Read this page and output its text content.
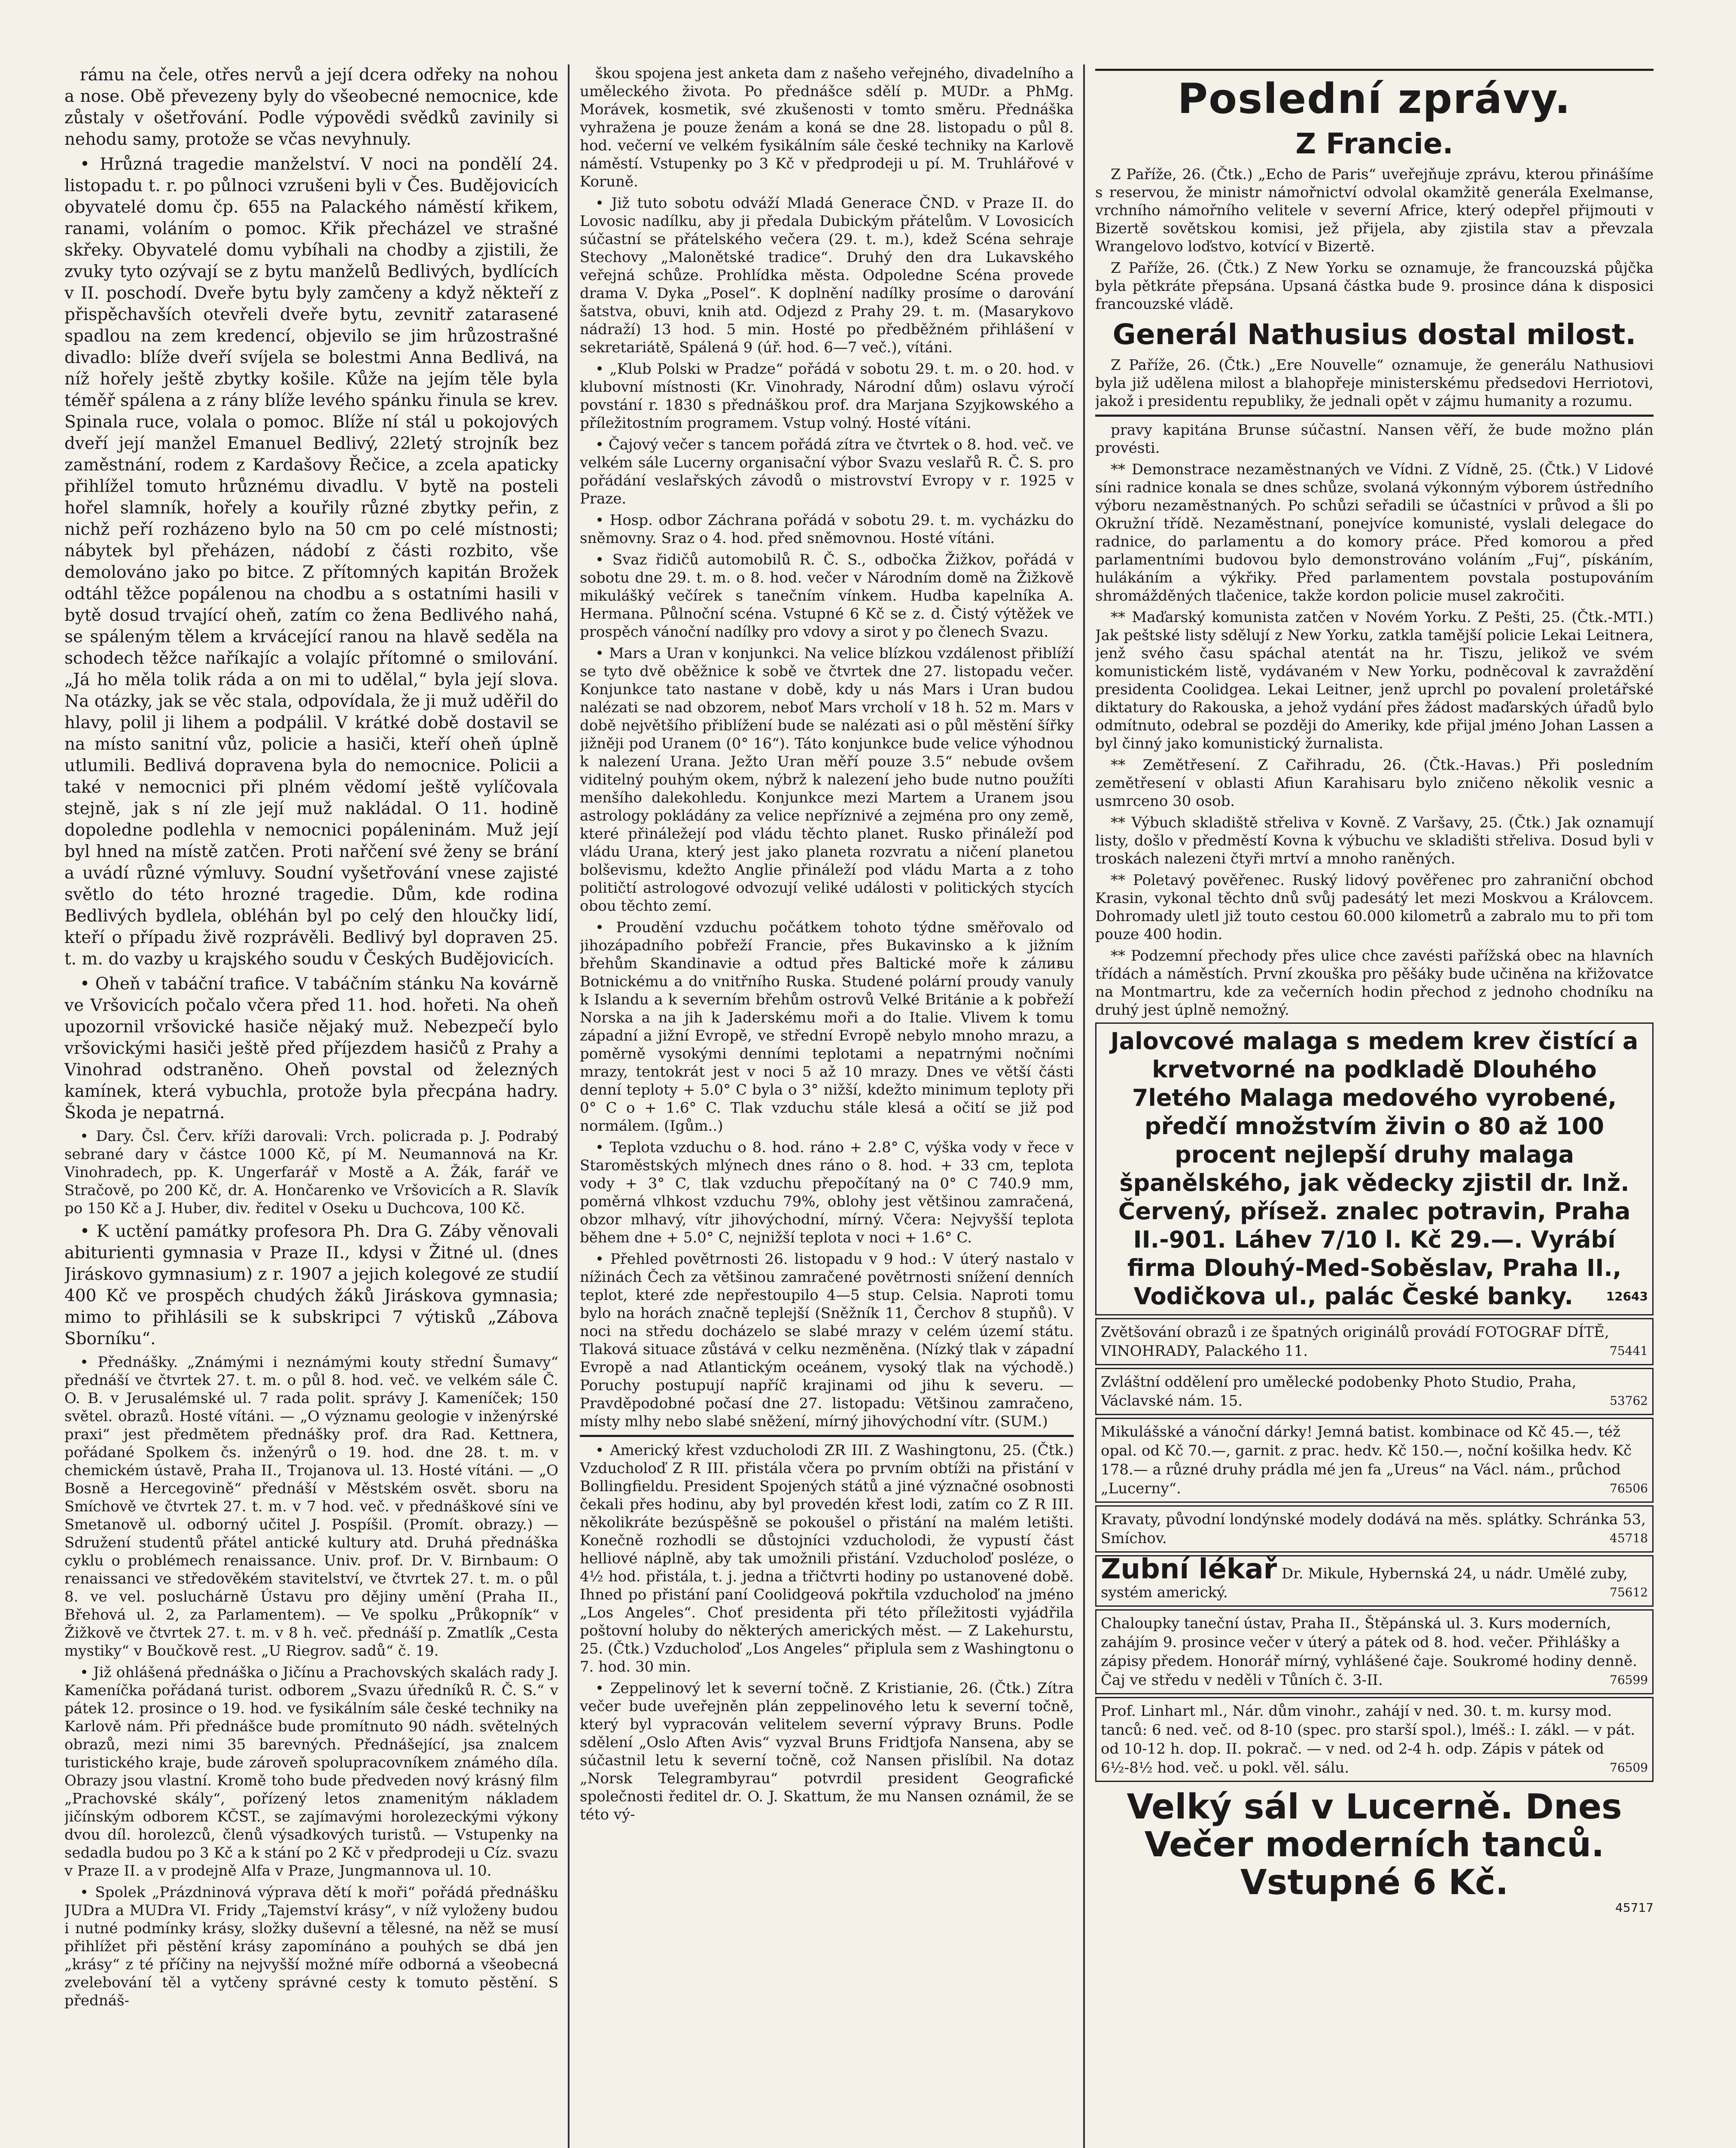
rámu na čele, otřes nervů a její dcera odřeky na nohou a nose. Obě převezeny byly do všeobecné nemocnice, kde zůstaly v ošetřování. Podle výpovědi svědků zavinily si nehodu samy, protože se včas nevyhnuly.

• Hrůzná tragedie manželství. V noci na pondělí 24. listopadu t. r. po půlnoci vzrušeni byli v Čes. Budějovicích obyvatelé domu čp. 655 na Palackého náměstí křikem, ranami, voláním o pomoc. Křik přecházel ve strašné skřeky. Obyvatelé domu vybíhali na chodby a zjistili, že zvuky tyto ozývají se z bytu manželů Bedlivých, bydlících v II. poschodí. Dveře bytu byly zamčeny a když někteří z přispěchavších otevřeli dveře bytu, zevnitř zatarasené spadlou na zem kredencí, objevilo se jim hrůzostrašné divadlo: blíže dveří svíjela se bolestmi Anna Bedlivá, na níž hořely ještě zbytky košile. Kůže na jejím těle byla téměř spálena a z rány blíže levého spánku řinula se krev. Spinala ruce, volala o pomoc. Blíže ní stál u pokojových dveří její manžel Emanuel Bedlivý, 22letý strojník bez zaměstnání, rodem z Kardašovy Řečice, a zcela apaticky přihlížel tomuto hrůznému divadlu. V bytě na posteli hořel slamník, hořely a kouřily různé zbytky peřin, z nichž peří rozházeno bylo na 50 cm po celé místnosti; nábytek byl přeházen, nádobí z části rozbito, vše demolováno jako po bitce. Z přítomných kapitán Brožek odtáhl těžce popálenou na chodbu a s ostatními hasili v bytě dosud trvající oheň, zatím co žena Bedlivého nahá, se spáleným tělem a krvácející ranou na hlavě seděla na schodech těžce naříkajíc a volajíc přítomné o smilování. „Já ho měla tolik ráda a on mi to udělal,“ byla její slova. Na otázky, jak se věc stala, odpovídala, že ji muž uděřil do hlavy, polil ji lihem a podpálil. V krátké době dostavil se na místo sanitní vůz, policie a hasiči, kteří oheň úplně utlumili. Bedlivá dopravena byla do nemocnice. Policii a také v nemocnici při plném vědomí ještě vylíčovala stejně, jak s ní zle její muž nakládal. O 11. hodině dopoledne podlehla v nemocnici popáleninám. Muž její byl hned na místě zatčen. Proti nařčení své ženy se brání a uvádí různé výmluvy. Soudní vyšetřování vnese zajisté světlo do této hrozné tragedie. Dům, kde rodina Bedlivých bydlela, obléhán byl po celý den hloučky lidí, kteří o případu živě rozprávěli. Bedlivý byl dopraven 25. t. m. do vazby u krajského soudu v Českých Budějovicích.

• Oheň v tabáční trafice. V tabáčním stánku Na kovárně ve Vršovicích počalo včera před 11. hod. hořeti. Na oheň upozornil vršovické hasiče nějaký muž. Nebezpečí bylo vršovickými hasiči ještě před příjezdem hasičů z Prahy a Vinohrad odstraněno. Oheň povstal od železných kamínek, která vybuchla, protože byla přecpána hadry. Škoda je nepatrná.

• Dary. Čsl. Červ. kříži darovali: Vrch. policrada p. J. Podrabý sebrané dary v částce 1000 Kč, pí M. Neumannová na Kr. Vinohradech, pp. K. Ungerfarář v Mostě a A. Žák, farář ve Stračově, po 200 Kč, dr. A. Hončarenko ve Vršovicích a R. Slavík po 150 Kč a J. Huber, div. ředitel v Oseku u Duchcova, 100 Kč.

• K uctění památky profesora Ph. Dra G. Záby věnovali abiturienti gymnasia v Praze II., kdysi v Žitné ul. (dnes Jiráskovo gymnasium) z r. 1907 a jejich kolegové ze studií 400 Kč ve prospěch chudých žáků Jiráskova gymnasia; mimo to přihlásili se k subskripci 7 výtisků „Zábova Sborníku“.

• Přednášky. „Známými i neznámými kouty střední Šumavy“ přednáší ve čtvrtek 27. t. m. o půl 8. hod. več. ve velkém sále Č. O. B. v Jerusalémské ul. 7 rada polit. správy J. Kameníček; 150 světel. obrazů. Hosté vítáni. — „O významu geologie v inženýrské praxi“ jest předmětem přednášky prof. dra Rad. Kettnera, pořádané Spolkem čs. inženýrů o 19. hod. dne 28. t. m. v chemickém ústavě, Praha II., Trojanova ul. 13. Hosté vítáni. — „O Bosně a Hercegovině“ přednáší v Městském osvět. sboru na Smíchově ve čtvrtek 27. t. m. v 7 hod. več. v přednáškové síni ve Smetanově ul. odborný učitel J. Pospíšil. (Promít. obrazy.) — Sdružení studentů přátel antické kultury atd. Druhá přednáška cyklu o problémech renaissance. Univ. prof. Dr. V. Birnbaum: O renaissanci ve středověkém stavitelství, ve čtvrtek 27. t. m. o půl 8. ve vel. posluchárně Ústavu pro dějiny umění (Praha II., Břehová ul. 2, za Parlamentem). — Ve spolku „Průkopník“ v Žižkově ve čtvrtek 27. t. m. v 8 h. več. přednáší p. Zmatlík „Cesta mystiky“ v Boučkově rest. „U Riegrov. sadů“ č. 19.

• Již ohlášená přednáška o Jičínu a Prachovských skalách rady J. Kameníčka pořádaná turist. odborem „Svazu úředníků R. Č. S.“ v pátek 12. prosince o 19. hod. ve fysikálním sále české techniky na Karlově nám. Při přednášce bude promítnuto 90 nádh. světelných obrazů, mezi nimi 35 barevných. Přednášející, jsa znalcem turistického kraje, bude zároveň spolupracovníkem známého díla. Obrazy jsou vlastní. Kromě toho bude předveden nový krásný film „Prachovské skály“, pořízený letos znamenitým nákladem jičínským odborem KČST., se zajímavými horolezeckými výkony dvou díl. horolezců, členů výsadkových turistů. — Vstupenky na sedadla budou po 3 Kč a k stání po 2 Kč v předprodeji u Cíz. svazu v Praze II. a v prodejně Alfa v Praze, Jungmannova ul. 10.

• Spolek „Prázdninová výprava dětí k moři“ pořádá přednášku JUDra a MUDra VI. Fridy „Tajemství krásy“, v níž vyloženy budou i nutné podmínky krásy, složky duševní a tělesné, na něž se musí přihlížet při pěstění krásy zapomínáno a pouhých se dbá jen „krásy“ z té příčiny na nejvyšší možné míře odborná a všeobecná zvelebování těl a vytčeny správné cesty k tomuto pěstění. S přednáš-

škou spojena jest anketa dam z našeho veřejného, divadelního a uměleckého života. Po přednášce sdělí p. MUDr. a PhMg. Morávek, kosmetik, své zkušenosti v tomto směru. Přednáška vyhražena je pouze ženám a koná se dne 28. listopadu o půl 8. hod. večerní ve velkém fysikálním sále české techniky na Karlově náměstí. Vstupenky po 3 Kč v předprodeji u pí. M. Truhlářové v Koruně.

• Již tuto sobotu odváží Mladá Generace ČND. v Praze II. do Lovosic nadílku, aby ji předala Dubickým přátelům. V Lovosicích súčastní se přátelského večera (29. t. m.), kdež Scéna sehraje Stechovy „Malonětské tradice“. Druhý den dra Lukavského veřejná schůze. Prohlídka města. Odpoledne Scéna provede drama V. Dyka „Posel“. K doplnění nadílky prosíme o darování šatstva, obuvi, knih atd. Odjezd z Prahy 29. t. m. (Masarykovo nádraží) 13 hod. 5 min. Hosté po předběžném přihlášení v sekretariátě, Spálená 9 (úř. hod. 6—7 več.), vítáni.

• „Klub Polski w Pradze“ pořádá v sobotu 29. t. m. o 20. hod. v klubovní místnosti (Kr. Vinohrady, Národní dům) oslavu výročí povstání r. 1830 s přednáškou prof. dra Marjana Szyjkowského a příležitostním programem. Vstup volný. Hosté vítáni.

• Čajový večer s tancem pořádá zítra ve čtvrtek o 8. hod. več. ve velkém sále Lucerny organisační výbor Svazu veslařů R. Č. S. pro pořádání veslařských závodů o mistrovství Evropy v r. 1925 v Praze.

• Hosp. odbor Záchrana pořádá v sobotu 29. t. m. vycházku do sněmovny. Sraz o 4. hod. před sněmovnou. Hosté vítáni.

• Svaz řidičů automobilů R. Č. S., odbočka Žižkov, pořádá v sobotu dne 29. t. m. o 8. hod. večer v Národním domě na Žižkově mikulášký večírek s tanečním vínkem. Hudba kapelníka A. Hermana. Půlnoční scéna. Vstupné 6 Kč se z. d. Čistý výtěžek ve prospěch vánoční nadílky pro vdovy a sirot y po členech Svazu.

• Mars a Uran v konjunkci. Na velice blízkou vzdálenost přiblíží se tyto dvě oběžnice k sobě ve čtvrtek dne 27. listopadu večer. Konjunkce tato nastane v době, kdy u nás Mars i Uran budou nalézati se nad obzorem, neboť Mars vrcholí v 18 h. 52 m. Mars v době největšího přiblížení bude se nalézati asi o půl městění šířky jižněji pod Uranem (0° 16“). Táto konjunkce bude velice výhodnou k nalezení Urana. Ježto Uran měří pouze 3.5“ nebude ovšem viditelný pouhým okem, nýbrž k nalezení jeho bude nutno použíti menšího dalekohledu. Konjunkce mezi Martem a Uranem jsou astrology pokládány za velice nepříznivé a zejména pro ony země, které přináležejí pod vládu těchto planet. Rusko přináleží pod vládu Urana, který jest jako planeta rozvratu a ničení planetou bolševismu, kdežto Anglie přináleží pod vládu Marta a z toho političtí astrologové odvozují veliké události v politických stycích obou těchto zemí.

• Proudění vzduchu počátkem tohoto týdne směřovalo od jihozápadního pobřeží Francie, přes Bukavinsko a k jižním břehům Skandinavie a odtud přes Baltické moře k záливu Botnickému a do vnitřního Ruska. Studené polární proudy vanuly k Islandu a k severním břehům ostrovů Velké Británie a k pobřeží Norska a na jih k Jaderskému moři a do Italie. Vlivem k tomu západní a jižní Evropě, ve střední Evropě nebylo mnoho mrazu, a poměrně vysokými denními teplotami a nepatrnými nočními mrazy, tentokrát jest v noci 5 až 10 mrazy. Dnes ve větší části denní teploty + 5.0° C byla o 3° nižší, kdežto minimum teploty při 0° C o + 1.6° C. Tlak vzduchu stále klesá a očití se již pod normálem. (Igům..)

• Teplota vzduchu o 8. hod. ráno + 2.8° C, výška vody v řece v Staroměstských mlýnech dnes ráno o 8. hod. + 33 cm, teplota vody + 3° C, tlak vzduchu přepočítaný na 0° C 740.9 mm, poměrná vlhkost vzduchu 79%, oblohy jest většinou zamračená, obzor mlhavý, vítr jihovýchodní, mírný. Včera: Nejvyšší teplota během dne + 5.0° C, nejnižší teplota v noci + 1.6° C.

• Přehled povětrnosti 26. listopadu v 9 hod.: V úterý nastalo v nížinách Čech za většinou zamračené povětrnosti snížení denních teplot, které zde nepřestoupilo 4—5 stup. Celsia. Naproti tomu bylo na horách značně teplejší (Sněžník 11, Čerchov 8 stupňů). V noci na středu docházelo se slabé mrazy v celém území státu. Tlaková situace zůstává v celku nezměněna. (Nízký tlak v západní Evropě a nad Atlantickým oceánem, vysoký tlak na východě.) Poruchy postupují napříč krajinami od jihu k severu. — Pravděpodobné počasí dne 27. listopadu: Většinou zamračeno, místy mlhy nebo slabé sněžení, mírný jihovýchodní vítr. (SUM.)

• Americký křest vzducholodi ZR III. Z Washingtonu, 25. (Čtk.) Vzducholoď Z R III. přistála včera po prvním obtíži na přistání v Bollingfieldu. President Spojených států a jiné význačné osobnosti čekali přes hodinu, aby byl provedén křest lodi, zatím co Z R III. několikráte bezúspěšně se pokoušel o přistání na malém letišti. Konečně rozhodli se důstojníci vzducholodi, že vypustí část helliové náplně, aby tak umožnili přistání. Vzducholoď posléze, o 4½ hod. přistála, t. j. jedna a třičtvrti hodiny po ustanovené době. Ihned po přistání paní Coolidgeová pokřtila vzducholoď na jméno „Los Angeles“. Choť presidenta při této příležitosti vyjádřila poštovní holuby do některých amerických měst. — Z Lakehurstu, 25. (Čtk.) Vzducholoď „Los Angeles“ připlula sem z Washingtonu o 7. hod. 30 min.

• Zeppelinový let k severní točně. Z Kristianie, 26. (Čtk.) Zítra večer bude uveřejněn plán zeppelinového letu k severní točně, který byl vypracován velitelem severní výpravy Bruns. Podle sdělení „Oslo Aften Avis“ vyzval Bruns Fridtjofa Nansena, aby se súčastnil letu k severní točně, což Nansen přislíbil. Na dotaz „Norsk Telegrambyrau“ potvrdil president Geografické společnosti ředitel dr. O. J. Skattum, že mu Nansen oznámil, že se této vý-

Poslední zprávy.
Z Francie.

Z Paříže, 26. (Čtk.) „Echo de Paris“ uveřejňuje zprávu, kterou přinášíme s reservou, že ministr námořnictví odvolal okamžitě generála Exelmanse, vrchního námořního velitele v severní Africe, který odepřel přijmouti v Bizertě sovětskou komisi, jež přijela, aby zjistila stav a převzala Wrangelovo loďstvo, kotvící v Bizertě.

Z Paříže, 26. (Čtk.) Z New Yorku se oznamuje, že francouzská půjčka byla pětkráte přepsána. Upsaná částka bude 9. prosince dána k disposici francouzské vládě.

Generál Nathusius dostal milost.

Z Paříže, 26. (Čtk.) „Ere Nouvelle“ oznamuje, že generálu Nathusiovi byla již udělena milost a blahopřeje ministerskému předsedovi Herriotovi, jakož i presidentu republiky, že jednali opět v zájmu humanity a rozumu.

pravy kapitána Brunse súčastní. Nansen věří, že bude možno plán provésti.

** Demonstrace nezaměstnaných ve Vídni. Z Vídně, 25. (Čtk.) V Lidové síni radnice konala se dnes schůze, svolaná výkonným výborem ústředního výboru nezaměstnaných. Po schůzi seřadili se účastníci v průvod a šli po Okružní třídě. Nezaměstnaní, ponejvíce komunisté, vyslali delegace do radnice, do parlamentu a do komory práce. Před komorou a před parlamentními budovou bylo demonstrováno voláním „Fuj“, pískáním, hulákáním a výkřiky. Před parlamentem povstala postupováním shromážděných tlačenice, takže kordon policie musel zakročiti.

** Maďarský komunista zatčen v Novém Yorku. Z Pešti, 25. (Čtk.-MTI.) Jak peštské listy sdělují z New Yorku, zatkla tamější policie Lekai Leitnera, jenž svého času spáchal atentát na hr. Tiszu, jelikož ve svém komunistickém listě, vydávaném v New Yorku, podněcoval k zavraždění presidenta Coolidgea. Lekai Leitner, jenž uprchl po povalení proletářské diktatury do Rakouska, a jehož vydání přes žádost maďarských úřadů bylo odmítnuto, odebral se později do Ameriky, kde přijal jméno Johan Lassen a byl činný jako komunistický žurnalista.

** Zemětřesení. Z Cařihradu, 26. (Čtk.-Havas.) Při posledním zemětřesení v oblasti Afiun Karahisaru bylo zničeno několik vesnic a usmrceno 30 osob.

** Výbuch skladiště střeliva v Kovně. Z Varšavy, 25. (Čtk.) Jak oznamují listy, došlo v předměstí Kovna k výbuchu ve skladišti střeliva. Dosud byli v troskách nalezeni čtyři mrtví a mnoho raněných.

** Poletavý pověřenec. Ruský lidový pověřenec pro zahraniční obchod Krasin, vykonal těchto dnů svůj padesátý let mezi Moskvou a Královcem. Dohromady uletl již touto cestou 60.000 kilometrů a zabralo mu to při tom pouze 400 hodin.

** Podzemní přechody přes ulice chce zavésti pařížská obec na hlavních třídách a náměstích. První zkouška pro pěšáky bude učiněna na křižovatce na Montmartru, kde za večerních hodin přechod z jednoho chodníku na druhý jest úplně nemožný.

Jalovcové malaga s medem krev čistící a krvetvorné na podkladě Dlouhého 7letého Malaga medového vyrobené, předčí množstvím živin o 80 až 100 procent nejlepší druhy malaga španělského, jak vědecky zjistil dr. Inž. Červený, přísež. znalec potravin, Praha II.-901. Láhev 7/10 l. Kč 29.—. Vyrábí firma Dlouhý-Med-Soběslav, Praha II., Vodičkova ul., palác České banky.	12643
Zvětšování obrazů i ze špatných originálů provádí FOTOGRAF DÍTĚ, VINOHRADY, Palackého 11.	75441
Zvláštní oddělení pro umělecké podobenky Photo Studio, Praha, Václavské nám. 15.	53762
Mikulášské a vánoční dárky! Jemná batist. kombinace od Kč 45.—, též opal. od Kč 70.—, garnit. z prac. hedv. Kč 150.—, noční košilka hedv. Kč 178.— a různé druhy prádla mé jen fa „Ureus“ na Václ. nám., průchod „Lucerny“.	76506
Kravaty, původní londýnské modely dodává na měs. splátky. Schránka 53, Smíchov.	45718
Zubní lékař Dr. Mikule, Hybernská 24, u nádr. Umělé zuby, systém americký.	75612
Chaloupky taneční ústav, Praha II., Štěpánská ul. 3. Kurs moderních, zahájím 9. prosince večer v úterý a pátek od 8. hod. večer. Přihlášky a zápisy předem. Honorář mírný, vyhlášené čaje. Soukromé hodiny denně. Čaj ve středu v neděli v Tůních č. 3-II.	76599
Prof. Linhart ml., Nár. dům vinohr., zahájí v ned. 30. t. m. kursy mod. tanců: 6 ned. več. od 8-10 (spec. pro starší spol.), lméš.: I. zákl. — v pát. od 10-12 h. dop. II. pokrač. — v ned. od 2-4 h. odp. Zápis v pátek od 6½-8½ hod. več. u pokl. věl. sálu.	76509
Velký sál v Lucerně. Dnes Večer moderních tanců. Vstupné 6 Kč.
45717
